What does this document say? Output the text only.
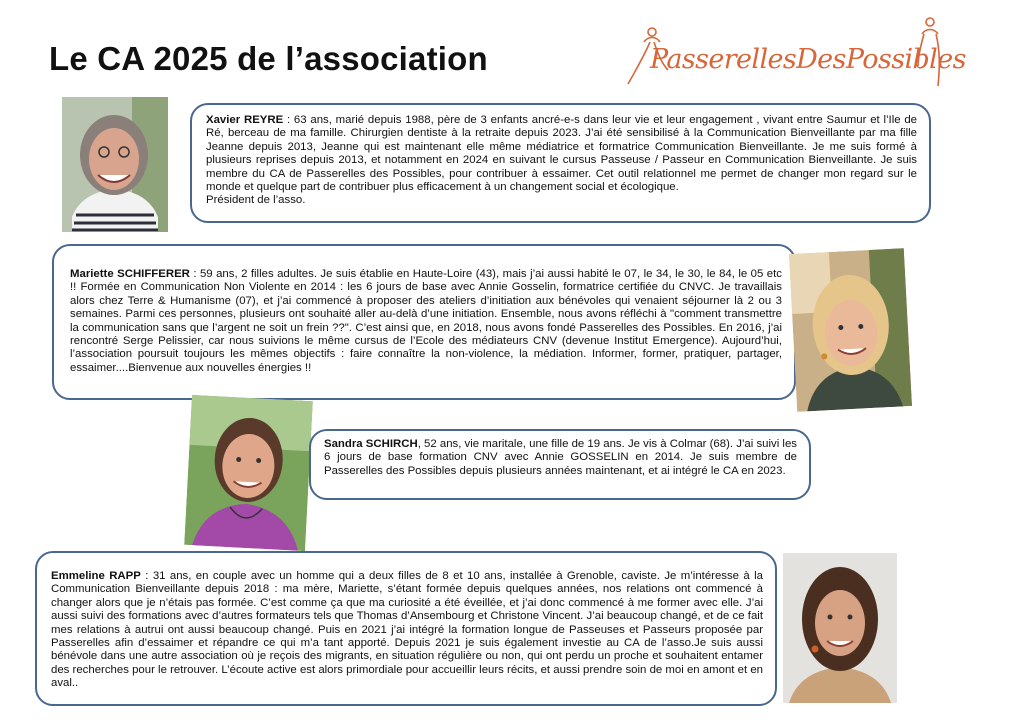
Le CA 2025 de l’association	PasserellesDesPossibles

Xavier REYRE : 63 ans, marié depuis 1988, père de 3 enfants ancré-e-s dans leur vie et leur engagement , vivant entre Saumur et l’Ile de Ré, berceau de ma famille. Chirurgien dentiste à la retraite depuis 2023. J’ai été sensibilisé à la Communication Bienveillante par ma fille Jeanne depuis 2013, Jeanne qui est maintenant elle même médiatrice et formatrice Communication Bienveillante. Je me suis formé à plusieurs reprises depuis 2013, et notamment en 2024 en suivant le cursus Passeuse / Passeur en Communication Bienveillante. Je suis membre du CA de Passerelles des Possibles, pour contribuer à essaimer. Cet outil relationnel me permet de changer mon regard sur le monde et quelque part de contribuer plus efficacement à un changement social et écologique.

Président de l’asso.

Mariette SCHIFFERER : 59 ans, 2 filles adultes. Je suis établie en Haute-Loire (43), mais j’ai aussi habité le 07, le 34, le 30, le 84, le 05 etc !! Formée en Communication Non Violente en 2014 : les 6 jours de base avec Annie Gosselin, formatrice certifiée du CNVC. Je travaillais alors chez Terre & Humanisme (07), et j’ai commencé à proposer des ateliers d’initiation aux bénévoles qui venaient séjourner là 2 ou 3 semaines. Parmi ces personnes, plusieurs ont souhaité aller au-delà d’une initiation. Ensemble, nous avons réfléchi à "comment transmettre la communication sans que l’argent ne soit un frein ??". C’est ainsi que, en 2018, nous avons fondé Passerelles des Possibles. En 2016, j’ai rencontré Serge Pelissier, car nous suivions le même cursus de l’Ecole des médiateurs CNV (devenue Institut Emergence). Aujourd’hui, l’association poursuit toujours les mêmes objectifs : faire connaître la non-violence, la médiation. Informer, former, pratiquer, partager, essaimer....Bienvenue aux nouvelles énergies !!

Sandra SCHIRCH, 52 ans, vie maritale, une fille de 19 ans. Je vis à Colmar (68). J’ai suivi les 6 jours de base formation CNV avec Annie GOSSELIN en 2014. Je suis membre de Passerelles des Possibles depuis plusieurs années maintenant, et ai intégré le CA en 2023.

Emmeline RAPP : 31 ans, en couple avec un homme qui a deux filles de 8 et 10 ans, installée à Grenoble, caviste. Je m’intéresse à la Communication Bienveillante depuis 2018 : ma mère, Mariette, s’étant formée depuis quelques années, nos relations ont commencé à changer alors que je n’étais pas formée. C’est comme ça que ma curiosité a été éveillée, et j’ai donc commencé à me former avec elle. J’ai aussi suivi des formations avec d’autres formateurs tels que Thomas d’Ansembourg et Christone Vincent. J’ai beaucoup changé, et de ce fait mes relations à autrui ont aussi beaucoup changé. Puis en 2021 j’ai intégré la formation longue de Passeuses et Passeurs proposée par Passerelles afin d’essaimer et répandre ce qui m’a tant apporté. Depuis 2021 je suis également investie au CA de l’asso.Je suis aussi bénévole dans une autre association où je reçois des migrants, en situation régulière ou non, qui ont perdu un proche et souhaitent entamer des recherches pour le retrouver. L’écoute active est alors primordiale pour accueillir leurs récits, et aussi prendre soin de moi en amont et en aval..
